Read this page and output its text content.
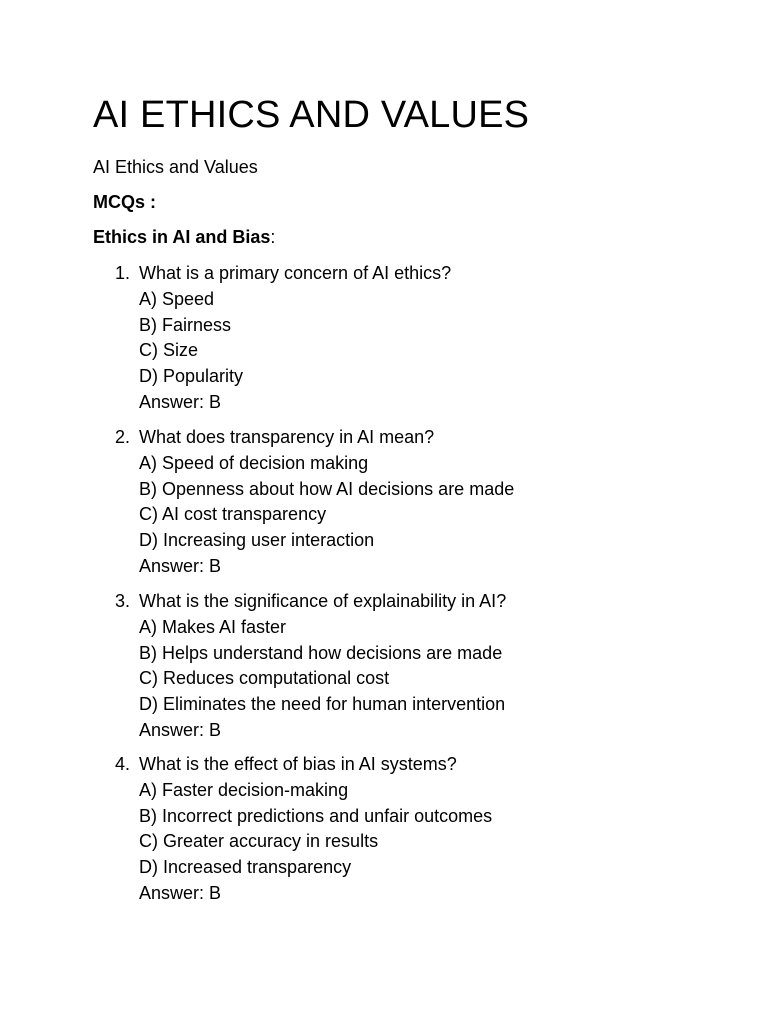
AI ETHICS AND VALUES

AI Ethics and Values

MCQs :

Ethics in AI and Bias:

1. What is a primary concern of AI ethics?
A) Speed
B) Fairness
C) Size
D) Popularity
Answer: B
2. What does transparency in AI mean?
A) Speed of decision making
B) Openness about how AI decisions are made
C) AI cost transparency
D) Increasing user interaction
Answer: B
3. What is the significance of explainability in AI?
A) Makes AI faster
B) Helps understand how decisions are made
C) Reduces computational cost
D) Eliminates the need for human intervention
Answer: B
4. What is the effect of bias in AI systems?
A) Faster decision-making
B) Incorrect predictions and unfair outcomes
C) Greater accuracy in results
D) Increased transparency
Answer: B
